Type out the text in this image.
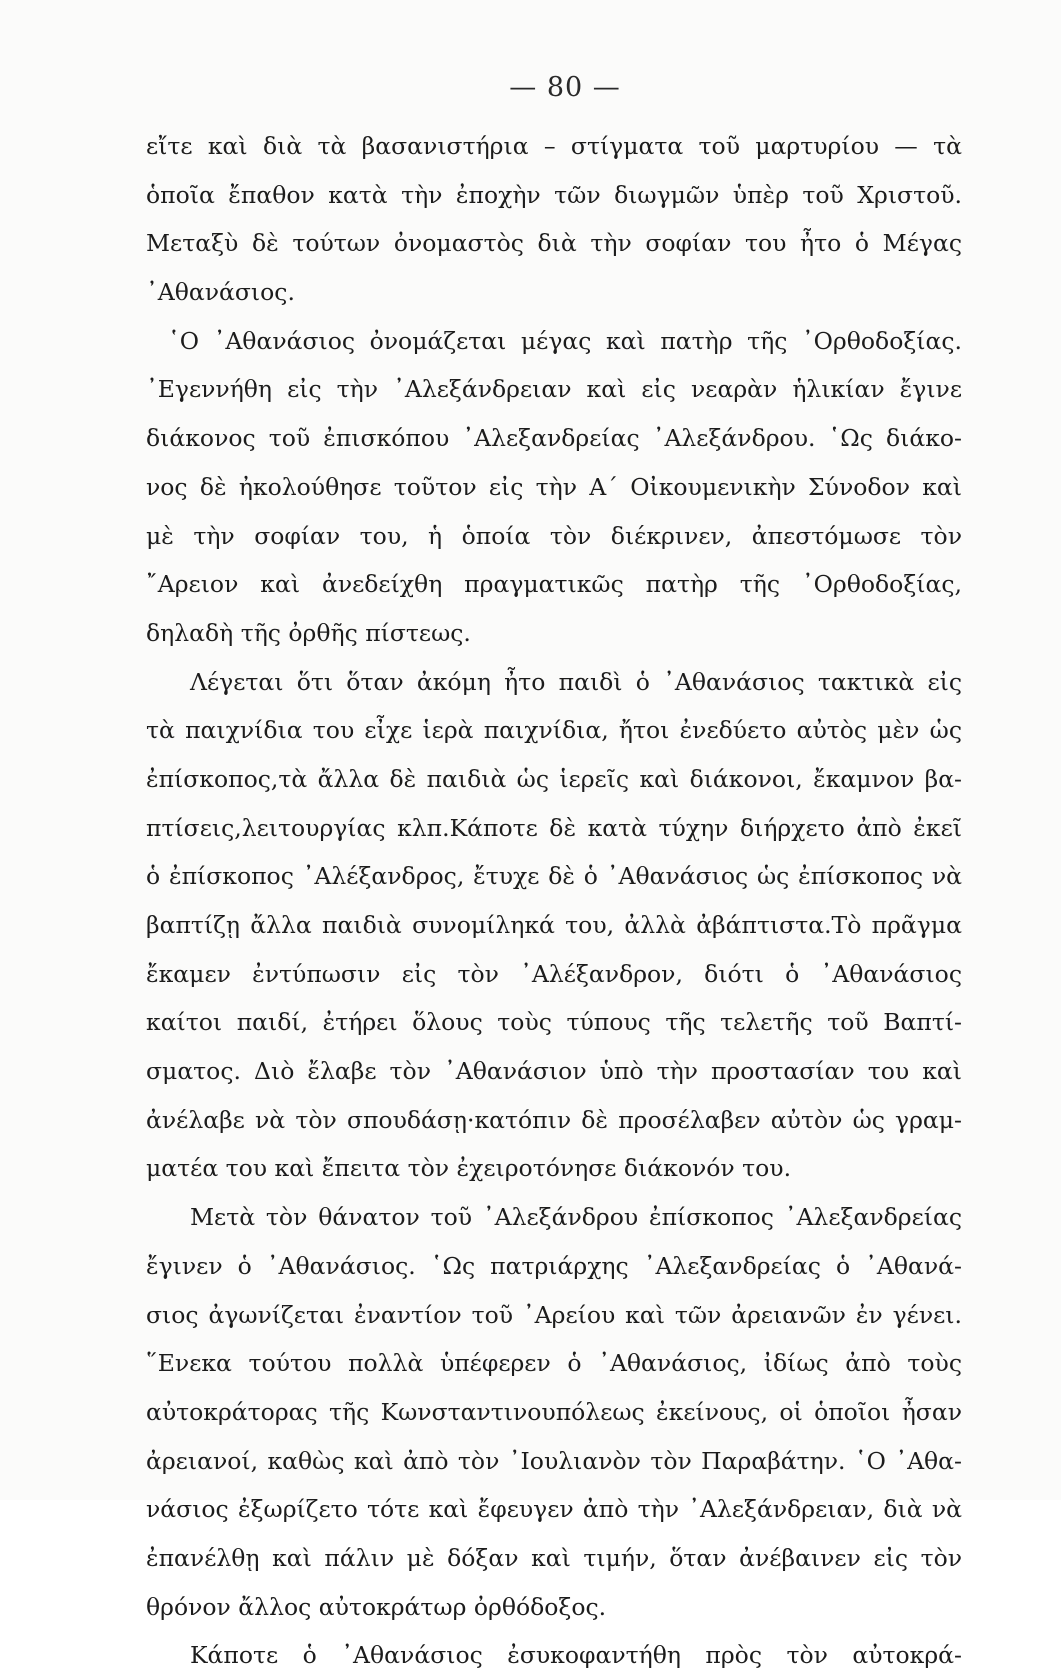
— 80 —
εἴτε καὶ διὰ τὰ βασανιστήρια – στίγματα τοῦ μαρτυρίου — τὰ
ὁποῖα ἔπαθον κατὰ τὴν ἐποχὴν τῶν διωγμῶν ὑπὲρ τοῦ Χριστοῦ.
Μεταξὺ δὲ τούτων ὀνομαστὸς διὰ τὴν σοφίαν του ἦτο ὁ Μέγας
᾿Αθανάσιος.
῾Ο ᾿Αθανάσιος ὀνομάζεται μέγας καὶ πατὴρ τῆς ᾿Ορθοδοξίας.
᾿Εγεννήθη εἰς τὴν ᾿Αλεξάνδρειαν καὶ εἰς νεαρὰν ἡλικίαν ἔγινε
διάκονος τοῦ ἐπισκόπου ᾿Αλεξανδρείας ᾿Αλεξάνδρου. ῾Ως διάκο-
νος δὲ ἠκολούθησε τοῦτον εἰς τὴν Α΄ Οἰκουμενικὴν Σύνοδον καὶ
μὲ τὴν σοφίαν του, ἡ ὁποία τὸν διέκρινεν, ἀπεστόμωσε τὸν
῎Αρειον καὶ ἀνεδείχθη πραγματικῶς πατὴρ τῆς ᾿Ορθοδοξίας,
δηλαδὴ τῆς ὀρθῆς πίστεως.
Λέγεται ὅτι ὅταν ἀκόμη ἦτο παιδὶ ὁ ᾿Αθανάσιος τακτικὰ εἰς
τὰ παιχνίδια του εἶχε ἱερὰ παιχνίδια, ἤτοι ἐνεδύετο αὐτὸς μὲν ὡς
ἐπίσκοπος,τὰ ἄλλα δὲ παιδιὰ ὡς ἱερεῖς καὶ διάκονοι, ἔκαμνον βα-
πτίσεις,λειτουργίας κλπ.Κάποτε δὲ κατὰ τύχην διήρχετο ἀπὸ ἐκεῖ
ὁ ἐπίσκοπος ᾿Αλέξανδρος, ἔτυχε δὲ ὁ ᾿Αθανάσιος ὡς ἐπίσκοπος νὰ
βαπτίζῃ ἄλλα παιδιὰ συνομίληκά του, ἀλλὰ ἀβάπτιστα.Τὸ πρᾶγμα
ἔκαμεν ἐντύπωσιν εἰς τὸν ᾿Αλέξανδρον, διότι ὁ ᾿Αθανάσιος
καίτοι παιδί, ἐτήρει ὅλους τοὺς τύπους τῆς τελετῆς τοῦ Βαπτί-
σματος. Διὸ ἔλαβε τὸν ᾿Αθανάσιον ὑπὸ τὴν προστασίαν του καὶ
ἀνέλαβε νὰ τὸν σπουδάσῃ·κατόπιν δὲ προσέλαβεν αὐτὸν ὡς γραμ-
ματέα του καὶ ἔπειτα τὸν ἐχειροτόνησε διάκονόν του.
Μετὰ τὸν θάνατον τοῦ ᾿Αλεξάνδρου ἐπίσκοπος ᾿Αλεξανδρείας
ἔγινεν ὁ ᾿Αθανάσιος. ῾Ως πατριάρχης ᾿Αλεξανδρείας ὁ ᾿Αθανά-
σιος ἀγωνίζεται ἐναντίον τοῦ ᾿Αρείου καὶ τῶν ἀρειανῶν ἐν γένει.
῞Ενεκα τούτου πολλὰ ὑπέφερεν ὁ ᾿Αθανάσιος, ἰδίως ἀπὸ τοὺς
αὐτοκράτορας τῆς Κωνσταντινουπόλεως ἐκείνους, οἱ ὁποῖοι ἦσαν
ἀρειανοί, καθὼς καὶ ἀπὸ τὸν ᾿Ιουλιανὸν τὸν Παραβάτην. ῾Ο ᾿Αθα-
νάσιος ἐξωρίζετο τότε καὶ ἔφευγεν ἀπὸ τὴν ᾿Αλεξάνδρειαν, διὰ νὰ
ἐπανέλθῃ καὶ πάλιν μὲ δόξαν καὶ τιμήν, ὅταν ἀνέβαινεν εἰς τὸν
θρόνον ἄλλος αὐτοκράτωρ ὀρθόδοξος.
Κάποτε ὁ ᾿Αθανάσιος ἐσυκοφαντήθη πρὸς τὸν αὐτοκρά-
